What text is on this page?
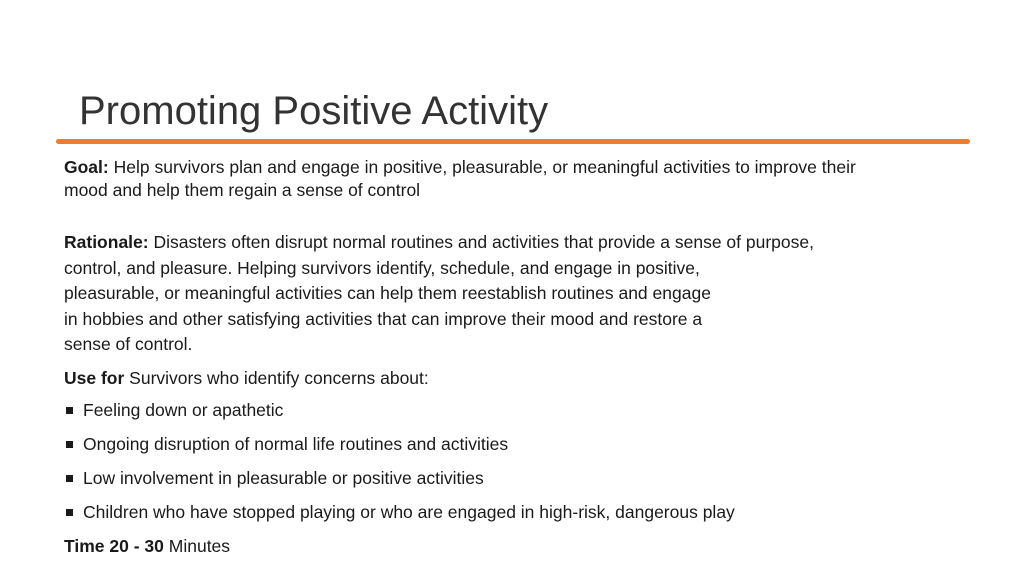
Promoting Positive Activity

Goal: Help survivors plan and engage in positive, pleasurable, or meaningful activities to improve their
mood and help them regain a sense of control

Rationale: Disasters often disrupt normal routines and activities that provide a sense of purpose,
control, and pleasure. Helping survivors identify, schedule, and engage in positive,
pleasurable, or meaningful activities can help them reestablish routines and engage
in hobbies and other satisfying activities that can improve their mood and restore a
sense of control.

Use for Survivors who identify concerns about:

Feeling down or apathetic
Ongoing disruption of normal life routines and activities
Low involvement in pleasurable or positive activities
Children who have stopped playing or who are engaged in high-risk, dangerous play

Time 20 - 30 Minutes
